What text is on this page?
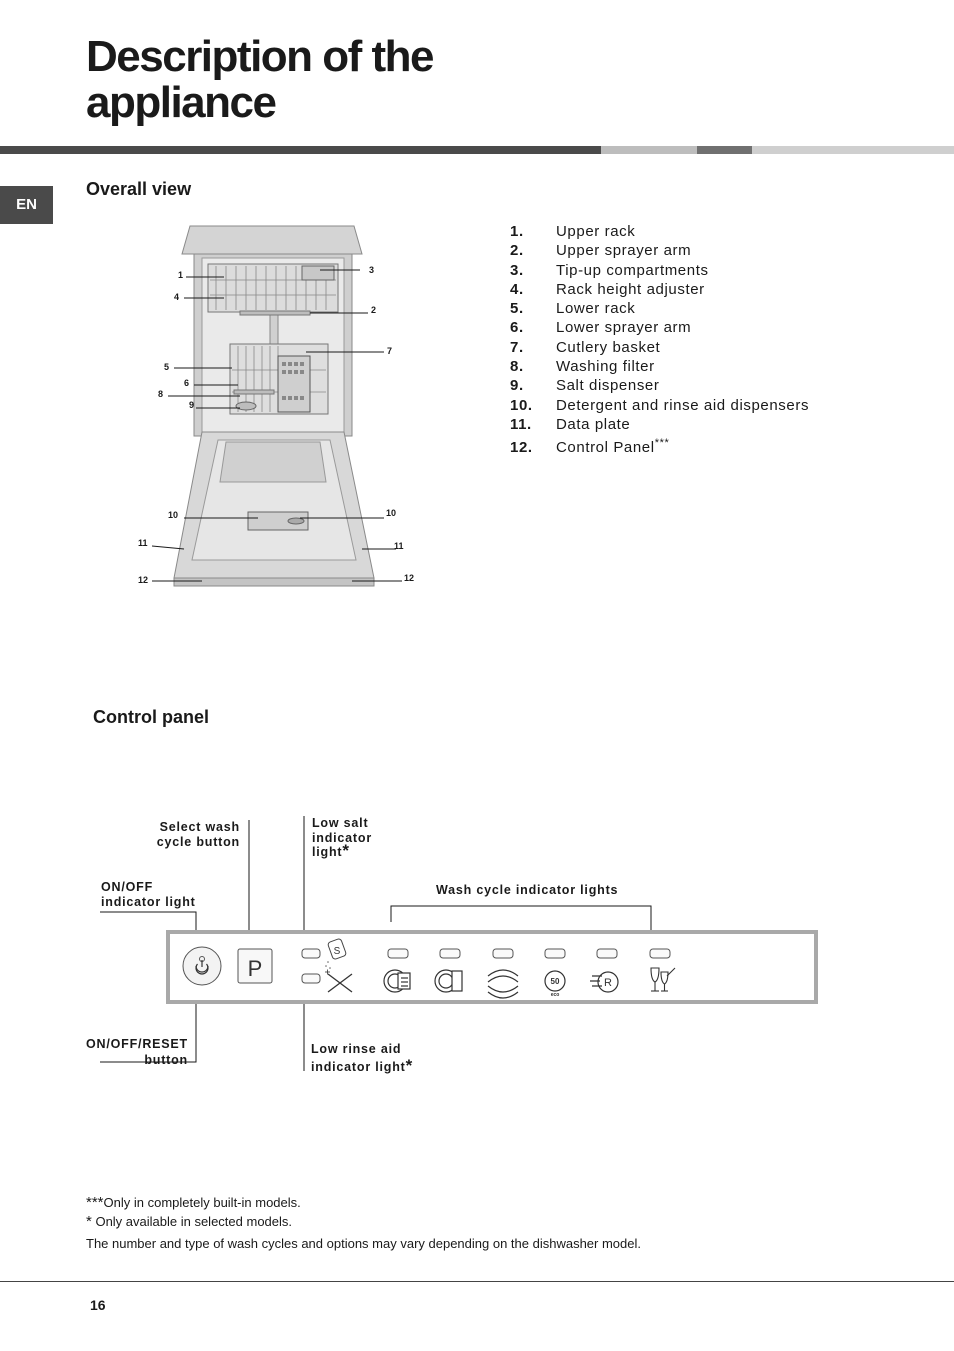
Description of the
appliance
EN
Overall view
1	3
4
2
7
5
6
8
9
10	10
11	11
12	12
1. Upper rack
2. Upper sprayer arm
3. Tip-up compartments
4. Rack height adjuster
5. Lower rack
6. Lower sprayer arm
7. Cutlery basket
8. Washing filter
9. Salt dispenser
10. Detergent and rinse aid dispensers
11. Data plate
12. Control Panel***
Control panel
Select wash
cycle button
ON/OFF
indicator light
Low salt
indicator
light*
Wash cycle indicator lights
ON/OFF/RESET
button
Low rinse aid
indicator light*
P
S
50
eco
R
***Only in completely built-in models.
* Only available in selected models.
The number and type of wash cycles and options may vary depending on the dishwasher model.
16
